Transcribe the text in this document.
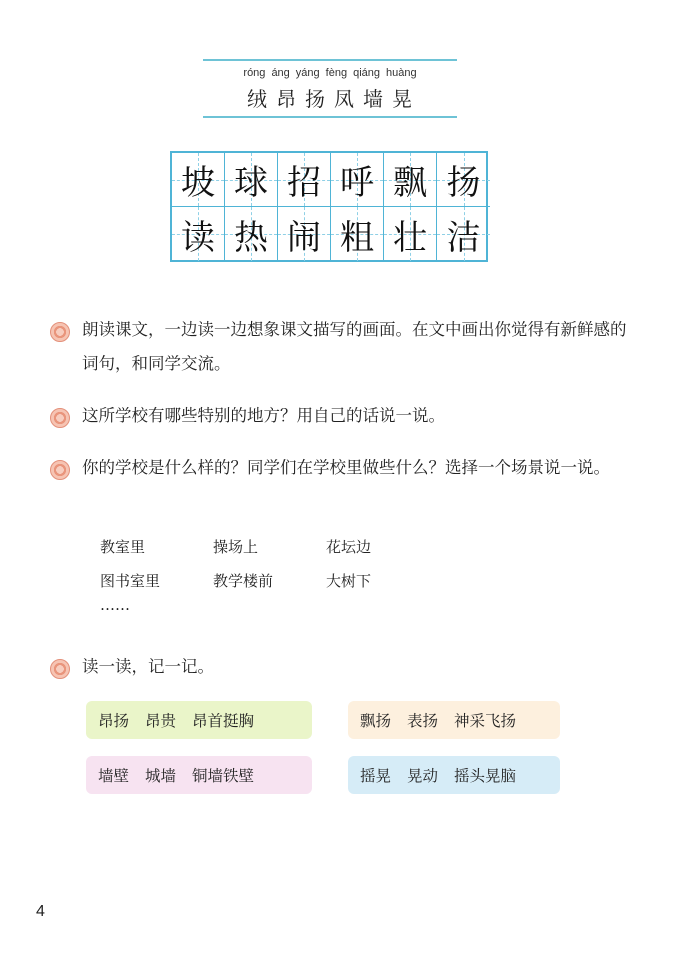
róng áng yáng fèng qiáng huàng
绒 昂 扬 凤 墙 晃
坡 球 招 呼 飘 扬
读 热 闹 粗 壮 洁
朗读课文，一边读一边想象课文描写的画面。在文中画出你觉得有新鲜感的词句，和同学交流。
这所学校有哪些特别的地方？用自己的话说一说。
你的学校是什么样的？同学们在学校里做些什么？选择一个场景说一说。
教室里	操场上	花坛边
图书室里	教学楼前	大树下
……
读一读，记一记。
昂扬 昂贵 昂首挺胸
墙壁 城墙 铜墙铁壁
飘扬 表扬 神采飞扬
摇晃 晃动 摇头晃脑
4
